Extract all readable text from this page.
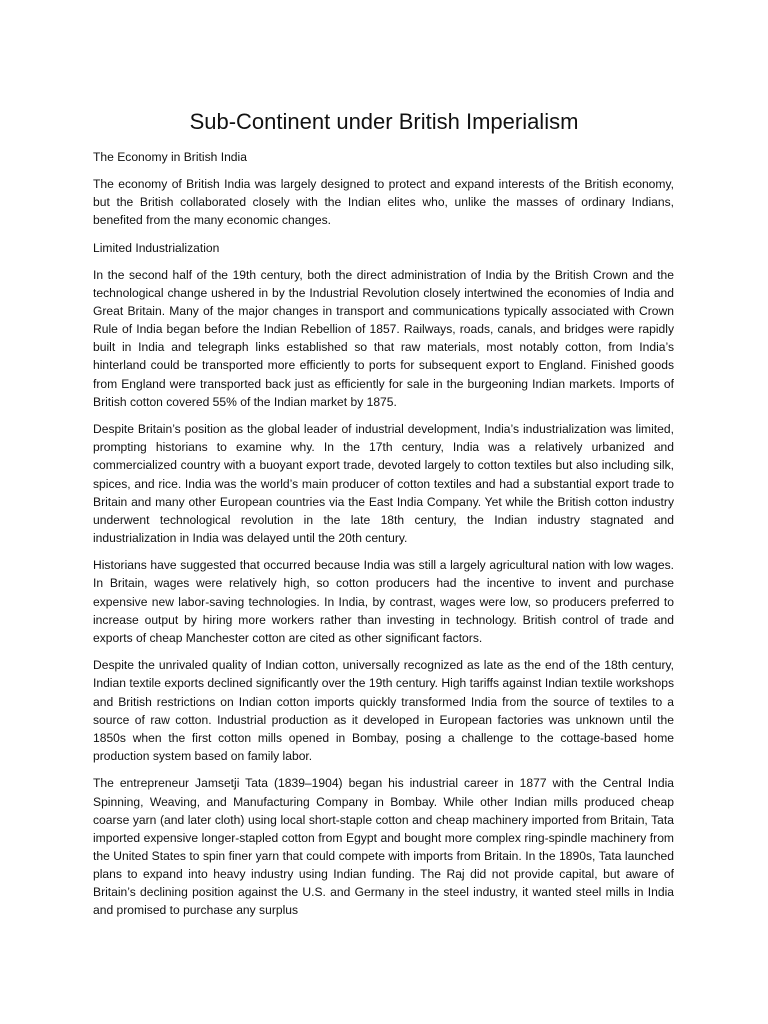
Sub-Continent under British Imperialism
The Economy in British India

The economy of British India was largely designed to protect and expand interests of the British economy, but the British collaborated closely with the Indian elites who, unlike the masses of ordinary Indians, benefited from the many economic changes.

Limited Industrialization

In the second half of the 19th century, both the direct administration of India by the British Crown and the technological change ushered in by the Industrial Revolution closely intertwined the economies of India and Great Britain. Many of the major changes in transport and communications typically associated with Crown Rule of India began before the Indian Rebellion of 1857. Railways, roads, canals, and bridges were rapidly built in India and telegraph links established so that raw materials, most notably cotton, from India’s hinterland could be transported more efficiently to ports for subsequent export to England. Finished goods from England were transported back just as efficiently for sale in the burgeoning Indian markets. Imports of British cotton covered 55% of the Indian market by 1875.

Despite Britain’s position as the global leader of industrial development, India’s industrialization was limited, prompting historians to examine why. In the 17th century, India was a relatively urbanized and commercialized country with a buoyant export trade, devoted largely to cotton textiles but also including silk, spices, and rice. India was the world’s main producer of cotton textiles and had a substantial export trade to Britain and many other European countries via the East India Company. Yet while the British cotton industry underwent technological revolution in the late 18th century, the Indian industry stagnated and industrialization in India was delayed until the 20th century.

Historians have suggested that occurred because India was still a largely agricultural nation with low wages. In Britain, wages were relatively high, so cotton producers had the incentive to invent and purchase expensive new labor-saving technologies. In India, by contrast, wages were low, so producers preferred to increase output by hiring more workers rather than investing in technology. British control of trade and exports of cheap Manchester cotton are cited as other significant factors.

Despite the unrivaled quality of Indian cotton, universally recognized as late as the end of the 18th century, Indian textile exports declined significantly over the 19th century. High tariffs against Indian textile workshops and British restrictions on Indian cotton imports quickly transformed India from the source of textiles to a source of raw cotton. Industrial production as it developed in European factories was unknown until the 1850s when the first cotton mills opened in Bombay, posing a challenge to the cottage-based home production system based on family labor.

The entrepreneur Jamsetji Tata (1839–1904) began his industrial career in 1877 with the Central India Spinning, Weaving, and Manufacturing Company in Bombay. While other Indian mills produced cheap coarse yarn (and later cloth) using local short-staple cotton and cheap machinery imported from Britain, Tata imported expensive longer-stapled cotton from Egypt and bought more complex ring-spindle machinery from the United States to spin finer yarn that could compete with imports from Britain. In the 1890s, Tata launched plans to expand into heavy industry using Indian funding. The Raj did not provide capital, but aware of Britain’s declining position against the U.S. and Germany in the steel industry, it wanted steel mills in India and promised to purchase any surplus
